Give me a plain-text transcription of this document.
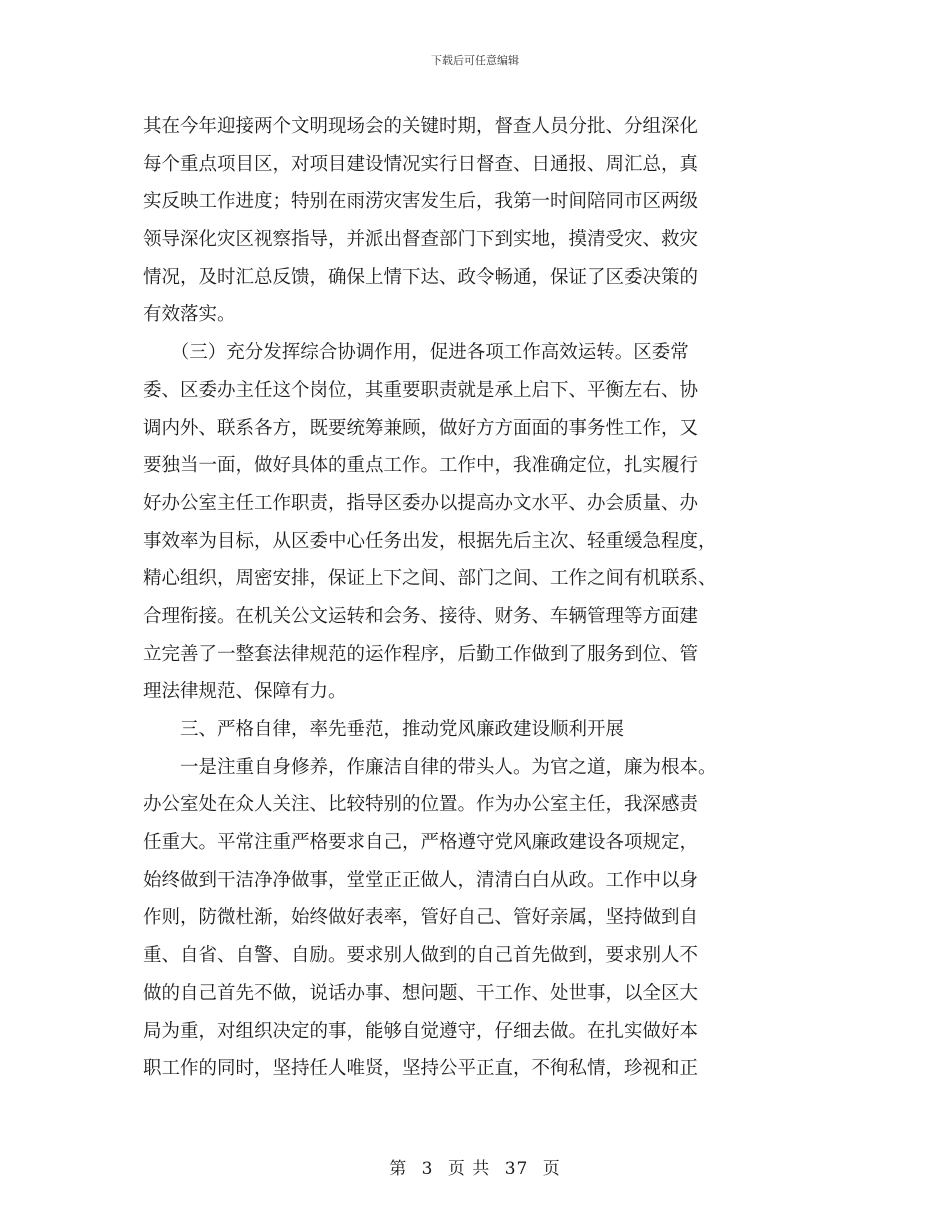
下载后可任意编辑
其在今年迎接两个文明现场会的关键时期，督查人员分批、分组深化
每个重点项目区，对项目建设情况实行日督查、日通报、周汇总，真
实反映工作进度；特别在雨涝灾害发生后，我第一时间陪同市区两级
领导深化灾区视察指导，并派出督查部门下到实地，摸清受灾、救灾
情况，及时汇总反馈，确保上情下达、政令畅通，保证了区委决策的
有效落实。
　　（三）充分发挥综合协调作用，促进各项工作高效运转。区委常
委、区委办主任这个岗位，其重要职责就是承上启下、平衡左右、协
调内外、联系各方，既要统筹兼顾，做好方方面面的事务性工作，又
要独当一面，做好具体的重点工作。工作中，我准确定位，扎实履行
好办公室主任工作职责，指导区委办以提高办文水平、办会质量、办
事效率为目标，从区委中心任务出发，根据先后主次、轻重缓急程度，
精心组织，周密安排，保证上下之间、部门之间、工作之间有机联系、
合理衔接。在机关公文运转和会务、接待、财务、车辆管理等方面建
立完善了一整套法律规范的运作程序，后勤工作做到了服务到位、管
理法律规范、保障有力。
　　三、严格自律，率先垂范，推动党风廉政建设顺利开展
　　一是注重自身修养，作廉洁自律的带头人。为官之道，廉为根本。
办公室处在众人关注、比较特别的位置。作为办公室主任，我深感责
任重大。平常注重严格要求自己，严格遵守党风廉政建设各项规定，
始终做到干洁净净做事，堂堂正正做人，清清白白从政。工作中以身
作则，防微杜渐，始终做好表率，管好自己、管好亲属，坚持做到自
重、自省、自警、自励。要求别人做到的自己首先做到，要求别人不
做的自己首先不做，说话办事、想问题、干工作、处世事，以全区大
局为重，对组织决定的事，能够自觉遵守，仔细去做。在扎实做好本
职工作的同时，坚持任人唯贤，坚持公平正直，不徇私情，珍视和正
第 3 页 共 37 页
